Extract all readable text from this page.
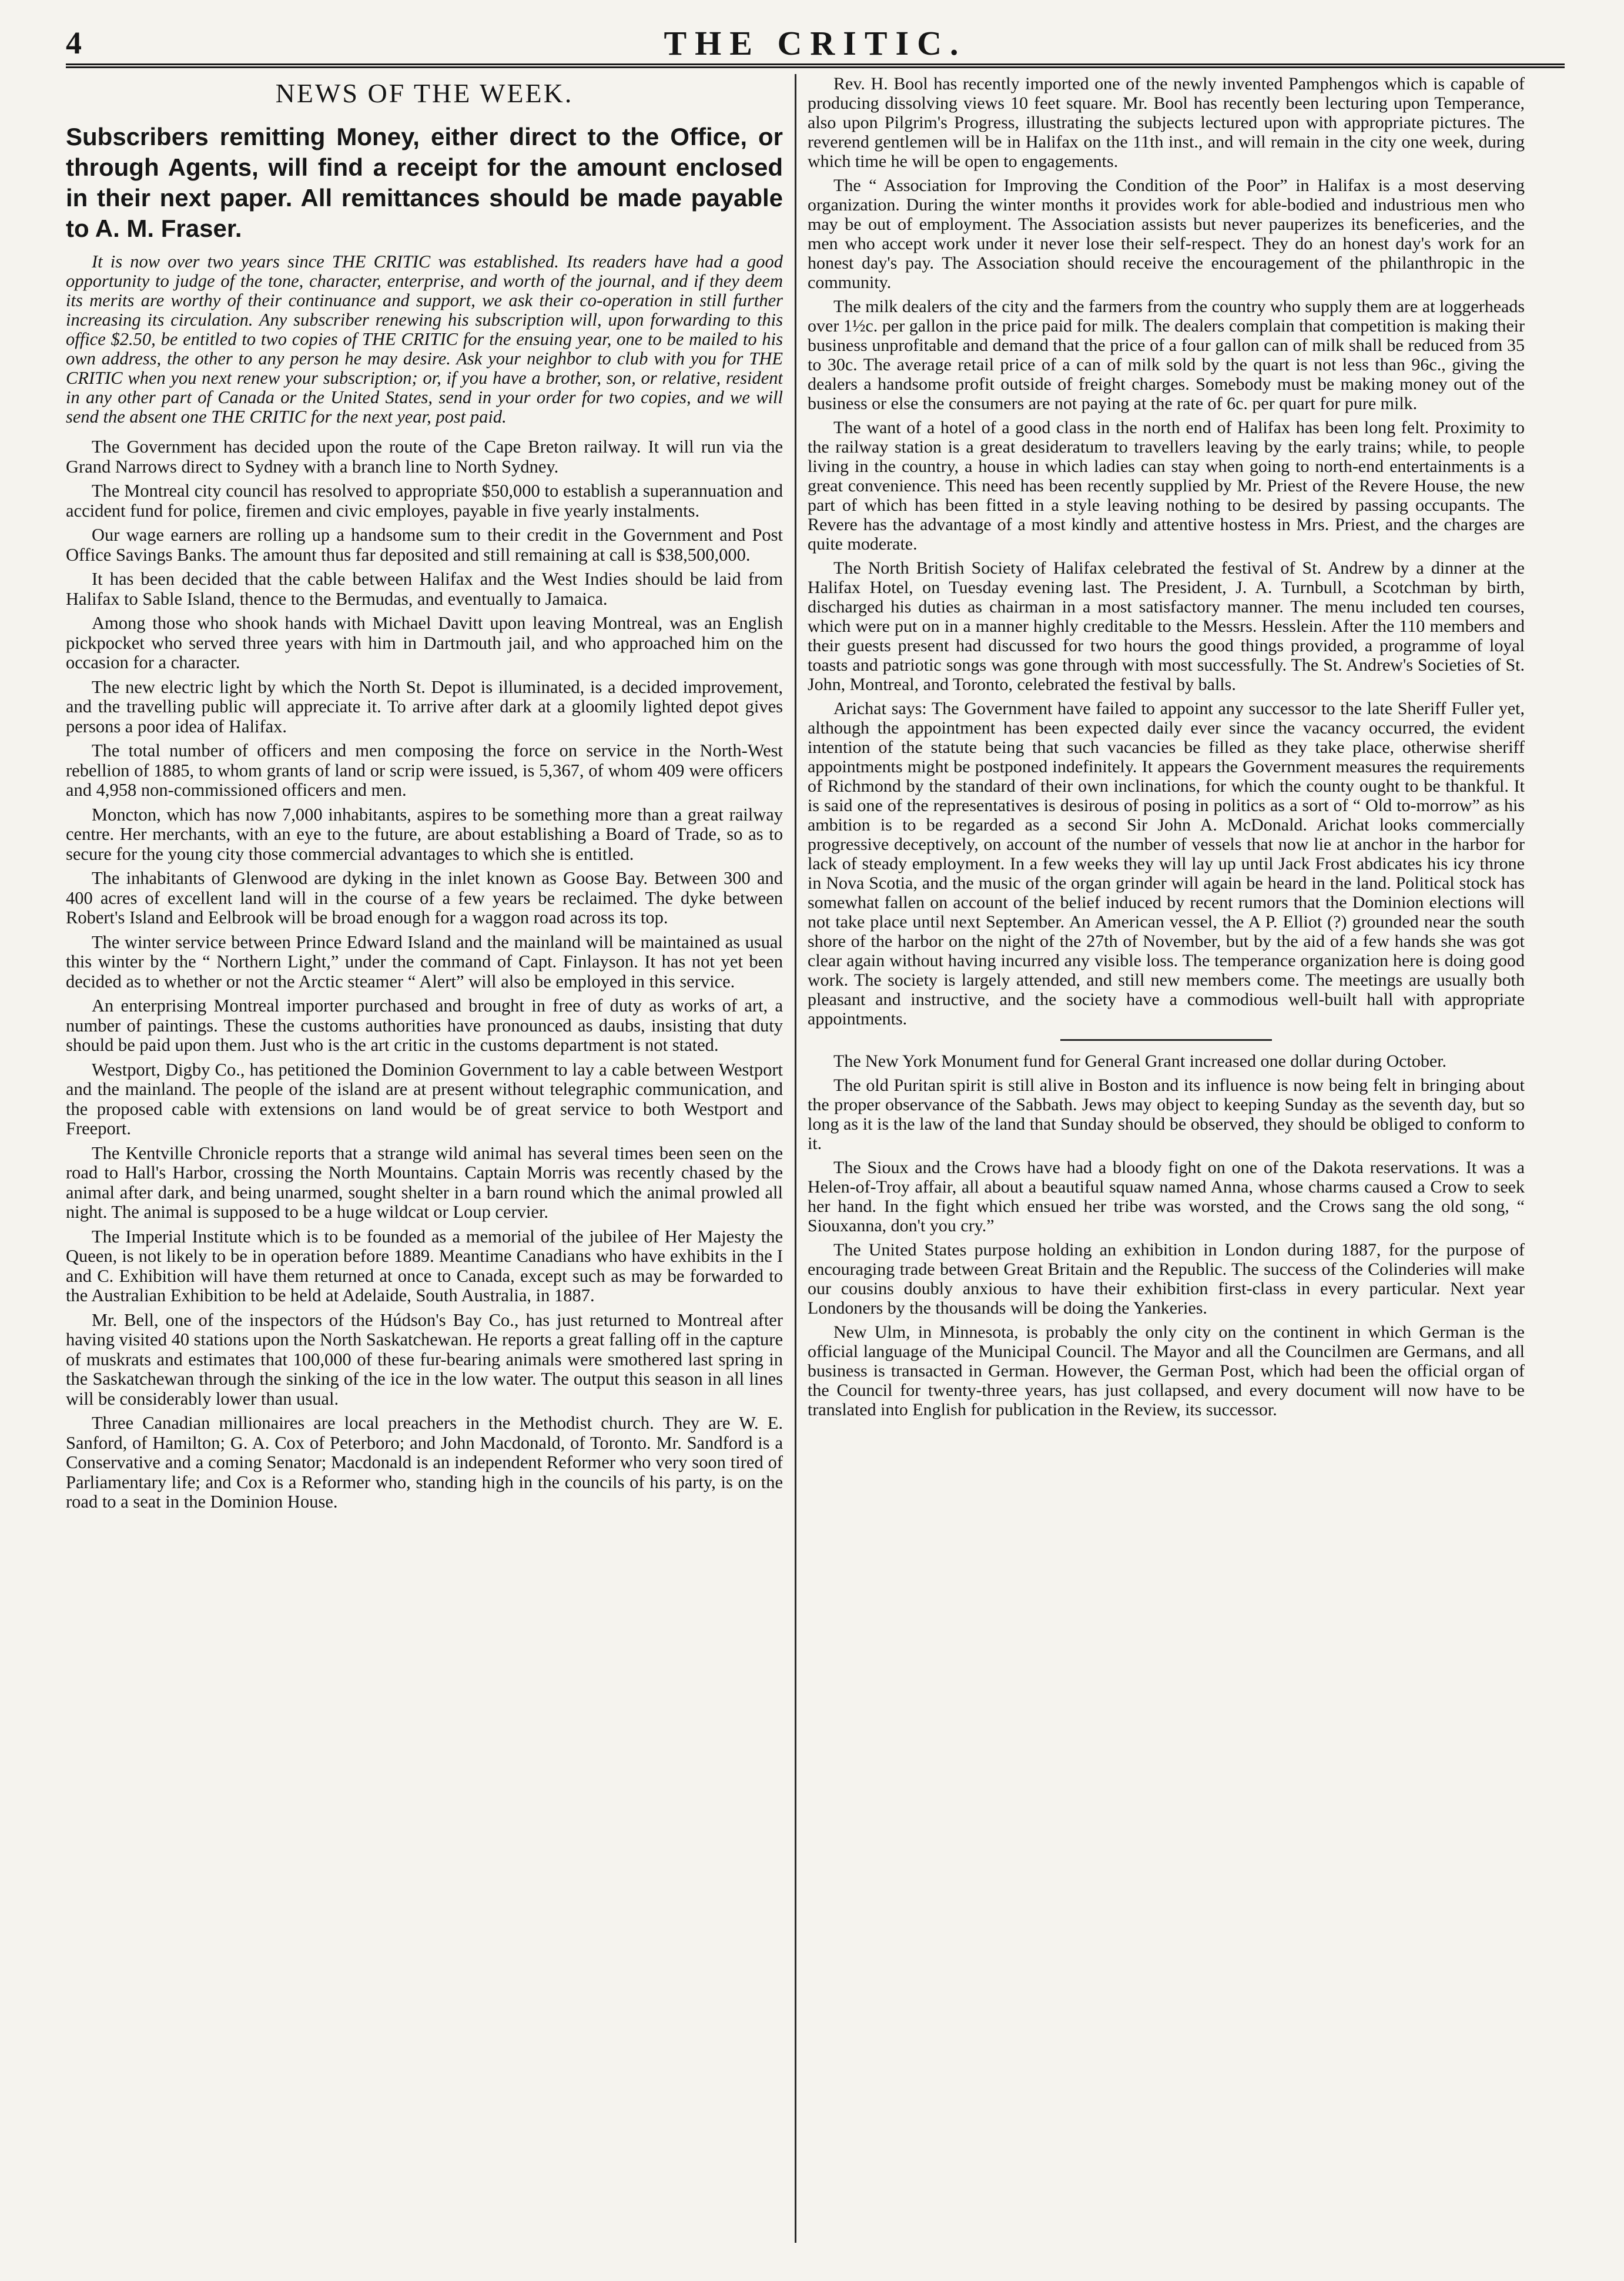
4	THE CRITIC.
NEWS OF THE WEEK.
Subscribers remitting Money, either direct to the Office, or through Agents, will find a receipt for the amount enclosed in their next paper. All remittances should be made payable to A. M. Fraser.
It is now over two years since THE CRITIC was established. Its readers have had a good opportunity to judge of the tone, character, enterprise, and worth of the journal, and if they deem its merits are worthy of their continuance and support, we ask their co-operation in still further increasing its circulation. Any subscriber renewing his subscription will, upon forwarding to this office $2.50, be entitled to two copies of THE CRITIC for the ensuing year, one to be mailed to his own address, the other to any person he may desire. Ask your neighbor to club with you for THE CRITIC when you next renew your subscription; or, if you have a brother, son, or relative, resident in any other part of Canada or the United States, send in your order for two copies, and we will send the absent one THE CRITIC for the next year, post paid.

The Government has decided upon the route of the Cape Breton railway. It will run via the Grand Narrows direct to Sydney with a branch line to North Sydney.

The Montreal city council has resolved to appropriate $50,000 to establish a superannuation and accident fund for police, firemen and civic employes, payable in five yearly instalments.

Our wage earners are rolling up a handsome sum to their credit in the Government and Post Office Savings Banks. The amount thus far deposited and still remaining at call is $38,500,000.

It has been decided that the cable between Halifax and the West Indies should be laid from Halifax to Sable Island, thence to the Bermudas, and eventually to Jamaica.

Among those who shook hands with Michael Davitt upon leaving Montreal, was an English pickpocket who served three years with him in Dartmouth jail, and who approached him on the occasion for a character.

The new electric light by which the North St. Depot is illuminated, is a decided improvement, and the travelling public will appreciate it. To arrive after dark at a gloomily lighted depot gives persons a poor idea of Halifax.

The total number of officers and men composing the force on service in the North-West rebellion of 1885, to whom grants of land or scrip were issued, is 5,367, of whom 409 were officers and 4,958 non-commissioned officers and men.

Moncton, which has now 7,000 inhabitants, aspires to be something more than a great railway centre. Her merchants, with an eye to the future, are about establishing a Board of Trade, so as to secure for the young city those commercial advantages to which she is entitled.

The inhabitants of Glenwood are dyking in the inlet known as Goose Bay. Between 300 and 400 acres of excellent land will in the course of a few years be reclaimed. The dyke between Robert's Island and Eelbrook will be broad enough for a waggon road across its top.

The winter service between Prince Edward Island and the mainland will be maintained as usual this winter by the “ Northern Light,” under the command of Capt. Finlayson. It has not yet been decided as to whether or not the Arctic steamer “ Alert” will also be employed in this service.

An enterprising Montreal importer purchased and brought in free of duty as works of art, a number of paintings. These the customs authorities have pronounced as daubs, insisting that duty should be paid upon them. Just who is the art critic in the customs department is not stated.

Westport, Digby Co., has petitioned the Dominion Government to lay a cable between Westport and the mainland. The people of the island are at present without telegraphic communication, and the proposed cable with extensions on land would be of great service to both Westport and Freeport.

The Kentville Chronicle reports that a strange wild animal has several times been seen on the road to Hall's Harbor, crossing the North Mountains. Captain Morris was recently chased by the animal after dark, and being unarmed, sought shelter in a barn round which the animal prowled all night. The animal is supposed to be a huge wildcat or Loup cervier.

The Imperial Institute which is to be founded as a memorial of the jubilee of Her Majesty the Queen, is not likely to be in operation before 1889. Meantime Canadians who have exhibits in the I and C. Exhibition will have them returned at once to Canada, except such as may be forwarded to the Australian Exhibition to be held at Adelaide, South Australia, in 1887.

Mr. Bell, one of the inspectors of the Húdson's Bay Co., has just returned to Montreal after having visited 40 stations upon the North Saskatchewan. He reports a great falling off in the capture of muskrats and estimates that 100,000 of these fur-bearing animals were smothered last spring in the Saskatchewan through the sinking of the ice in the low water. The output this season in all lines will be considerably lower than usual.

Three Canadian millionaires are local preachers in the Methodist church. They are W. E. Sanford, of Hamilton; G. A. Cox of Peterboro; and John Macdonald, of Toronto. Mr. Sandford is a Conservative and a coming Senator; Macdonald is an independent Reformer who very soon tired of Parliamentary life; and Cox is a Reformer who, standing high in the councils of his party, is on the road to a seat in the Dominion House.

Rev. H. Bool has recently imported one of the newly invented Pamphengos which is capable of producing dissolving views 10 feet square. Mr. Bool has recently been lecturing upon Temperance, also upon Pilgrim's Progress, illustrating the subjects lectured upon with appropriate pictures. The reverend gentlemen will be in Halifax on the 11th inst., and will remain in the city one week, during which time he will be open to engagements.

The “ Association for Improving the Condition of the Poor” in Halifax is a most deserving organization. During the winter months it provides work for able-bodied and industrious men who may be out of employment. The Association assists but never pauperizes its beneficeries, and the men who accept work under it never lose their self-respect. They do an honest day's work for an honest day's pay. The Association should receive the encouragement of the philanthropic in the community.

The milk dealers of the city and the farmers from the country who supply them are at loggerheads over 1½c. per gallon in the price paid for milk. The dealers complain that competition is making their business unprofitable and demand that the price of a four gallon can of milk shall be reduced from 35 to 30c. The average retail price of a can of milk sold by the quart is not less than 96c., giving the dealers a handsome profit outside of freight charges. Somebody must be making money out of the business or else the consumers are not paying at the rate of 6c. per quart for pure milk.

The want of a hotel of a good class in the north end of Halifax has been long felt. Proximity to the railway station is a great desideratum to travellers leaving by the early trains; while, to people living in the country, a house in which ladies can stay when going to north-end entertainments is a great convenience. This need has been recently supplied by Mr. Priest of the Revere House, the new part of which has been fitted in a style leaving nothing to be desired by passing occupants. The Revere has the advantage of a most kindly and attentive hostess in Mrs. Priest, and the charges are quite moderate.

The North British Society of Halifax celebrated the festival of St. Andrew by a dinner at the Halifax Hotel, on Tuesday evening last. The President, J. A. Turnbull, a Scotchman by birth, discharged his duties as chairman in a most satisfactory manner. The menu included ten courses, which were put on in a manner highly creditable to the Messrs. Hesslein. After the 110 members and their guests present had discussed for two hours the good things provided, a programme of loyal toasts and patriotic songs was gone through with most successfully. The St. Andrew's Societies of St. John, Montreal, and Toronto, celebrated the festival by balls.

Arichat says: The Government have failed to appoint any successor to the late Sheriff Fuller yet, although the appointment has been expected daily ever since the vacancy occurred, the evident intention of the statute being that such vacancies be filled as they take place, otherwise sheriff appointments might be postponed indefinitely. It appears the Government measures the requirements of Richmond by the standard of their own inclinations, for which the county ought to be thankful. It is said one of the representatives is desirous of posing in politics as a sort of “ Old to-morrow” as his ambition is to be regarded as a second Sir John A. McDonald. Arichat looks commercially progressive deceptively, on account of the number of vessels that now lie at anchor in the harbor for lack of steady employment. In a few weeks they will lay up until Jack Frost abdicates his icy throne in Nova Scotia, and the music of the organ grinder will again be heard in the land. Political stock has somewhat fallen on account of the belief induced by recent rumors that the Dominion elections will not take place until next September. An American vessel, the A P. Elliot (?) grounded near the south shore of the harbor on the night of the 27th of November, but by the aid of a few hands she was got clear again without having incurred any visible loss. The temperance organization here is doing good work. The society is largely attended, and still new members come. The meetings are usually both pleasant and instructive, and the society have a commodious well-built hall with appropriate appointments.

The New York Monument fund for General Grant increased one dollar during October.

The old Puritan spirit is still alive in Boston and its influence is now being felt in bringing about the proper observance of the Sabbath. Jews may object to keeping Sunday as the seventh day, but so long as it is the law of the land that Sunday should be observed, they should be obliged to conform to it.

The Sioux and the Crows have had a bloody fight on one of the Dakota reservations. It was a Helen-of-Troy affair, all about a beautiful squaw named Anna, whose charms caused a Crow to seek her hand. In the fight which ensued her tribe was worsted, and the Crows sang the old song, “ Siouxanna, don't you cry.”

The United States purpose holding an exhibition in London during 1887, for the purpose of encouraging trade between Great Britain and the Republic. The success of the Colinderies will make our cousins doubly anxious to have their exhibition first-class in every particular. Next year Londoners by the thousands will be doing the Yankeries.

New Ulm, in Minnesota, is probably the only city on the continent in which German is the official language of the Municipal Council. The Mayor and all the Councilmen are Germans, and all business is transacted in German. However, the German Post, which had been the official organ of the Council for twenty-three years, has just collapsed, and every document will now have to be translated into English for publication in the Review, its successor.
